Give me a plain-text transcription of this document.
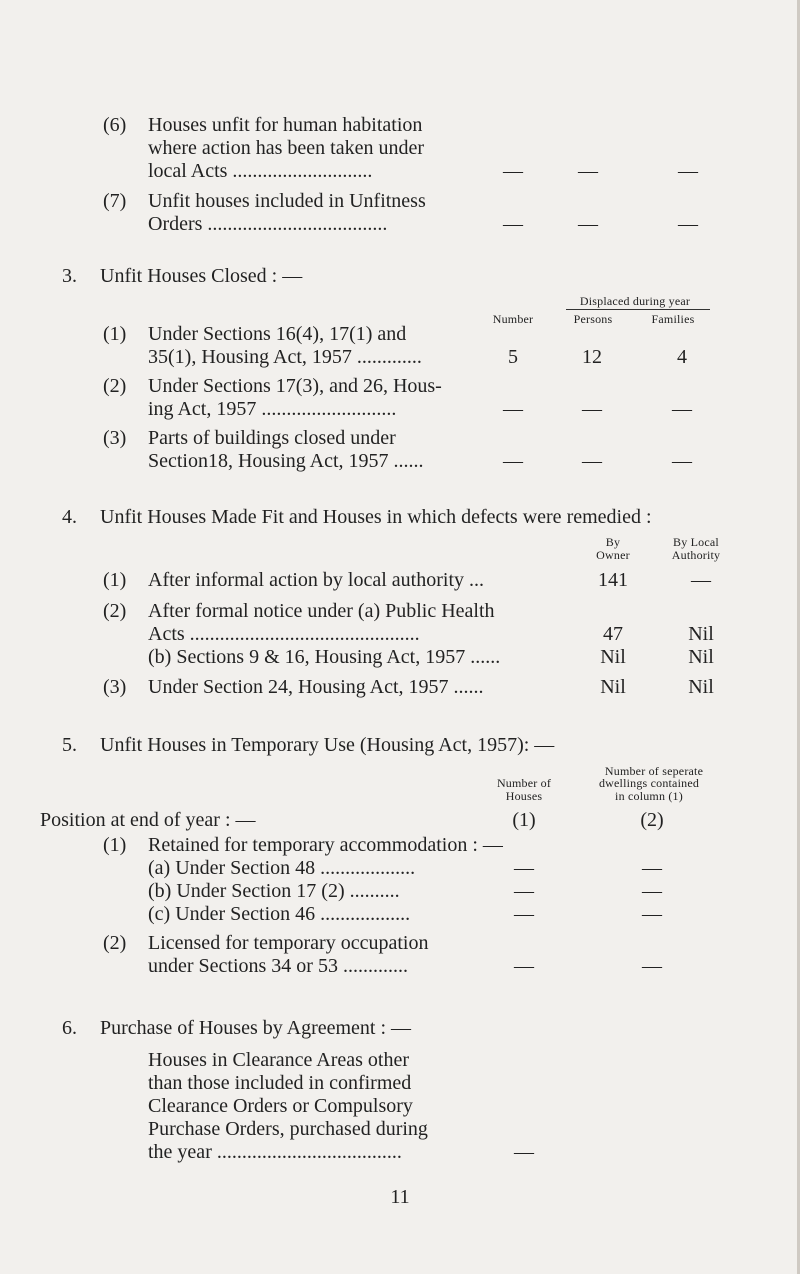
(6) Houses unfit for human habitation
where action has been taken under
local Acts ............................	—	—	—
(7) Unfit houses included in Unfitness
Orders ....................................	—	—	—
3. Unfit Houses Closed : —
Displaced during year
Number	Persons	Families
(1) Under Sections 16(4), 17(1) and
35(1), Housing Act, 1957 .............	5	12	4
(2) Under Sections 17(3), and 26, Hous-
ing Act, 1957 ...........................	—	—	—
(3) Parts of buildings closed under
Section18, Housing Act, 1957 ......	—	—	—
4. Unfit Houses Made Fit and Houses in which defects were remedied :
By
Owner
By Local
Authority
(1) After informal action by local authority ...	141	—
(2) After formal notice under (a) Public Health
Acts ..............................................	47	Nil
(b) Sections 9 & 16, Housing Act, 1957 ......	Nil	Nil
(3) Under Section 24, Housing Act, 1957 ......	Nil	Nil
5. Unfit Houses in Temporary Use (Housing Act, 1957): —
Number of seperate
Number of	dwellings contained
Houses	in column (1)
Position at end of year : —	(1)	(2)
(1) Retained for temporary accommodation : —
(a) Under Section 48 ...................	—	—
(b) Under Section 17 (2) ..........	—	—
(c) Under Section 46 ..................	—	—
(2) Licensed for temporary occupation
under Sections 34 or 53 .............	—	—
6. Purchase of Houses by Agreement : —
Houses in Clearance Areas other
than those included in confirmed
Clearance Orders or Compulsory
Purchase Orders, purchased during
the year .....................................	—
11
